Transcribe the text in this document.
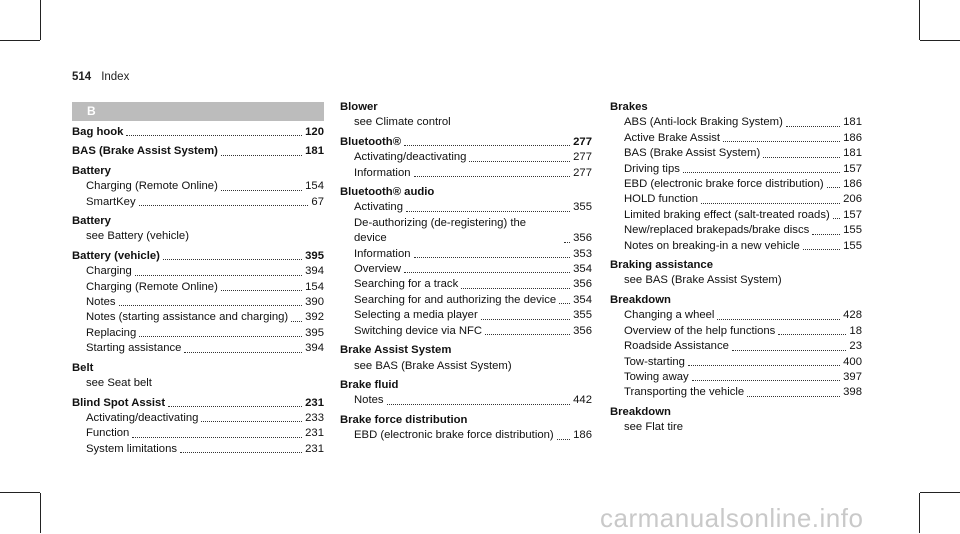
514 Index
B
Bag hook	120
BAS (Brake Assist System)	181
Battery
Charging (Remote Online)	154
SmartKey	67
Battery
see Battery (vehicle)
Battery (vehicle)	395
Charging	394
Charging (Remote Online)	154
Notes	390
Notes (starting assistance and charging) 392
Replacing	395
Starting assistance	394
Belt
see Seat belt
Blind Spot Assist	231
Activating/deactivating	233
Function	231
System limitations	231
Blower
see Climate control
Bluetooth®	277
Activating/deactivating	277
Information	277
Bluetooth® audio
Activating	355
De-authorizing (de-registering) the device	356
Information	353
Overview	354
Searching for a track	356
Searching for and authorizing the device 354
Selecting a media player	355
Switching device via NFC	356
Brake Assist System
see BAS (Brake Assist System)
Brake fluid
Notes	442
Brake force distribution
EBD (electronic brake force distribution) 186
Brakes
ABS (Anti-lock Braking System)	181
Active Brake Assist	186
BAS (Brake Assist System)	181
Driving tips	157
EBD (electronic brake force distribution) 186
HOLD function	206
Limited braking effect (salt-treated roads) 157
New/replaced brakepads/brake discs	155
Notes on breaking-in a new vehicle	155
Braking assistance
see BAS (Brake Assist System)
Breakdown
Changing a wheel	428
Overview of the help functions	18
Roadside Assistance	23
Tow-starting	400
Towing away	397
Transporting the vehicle	398
Breakdown
see Flat tire
carmanualsonline.info
